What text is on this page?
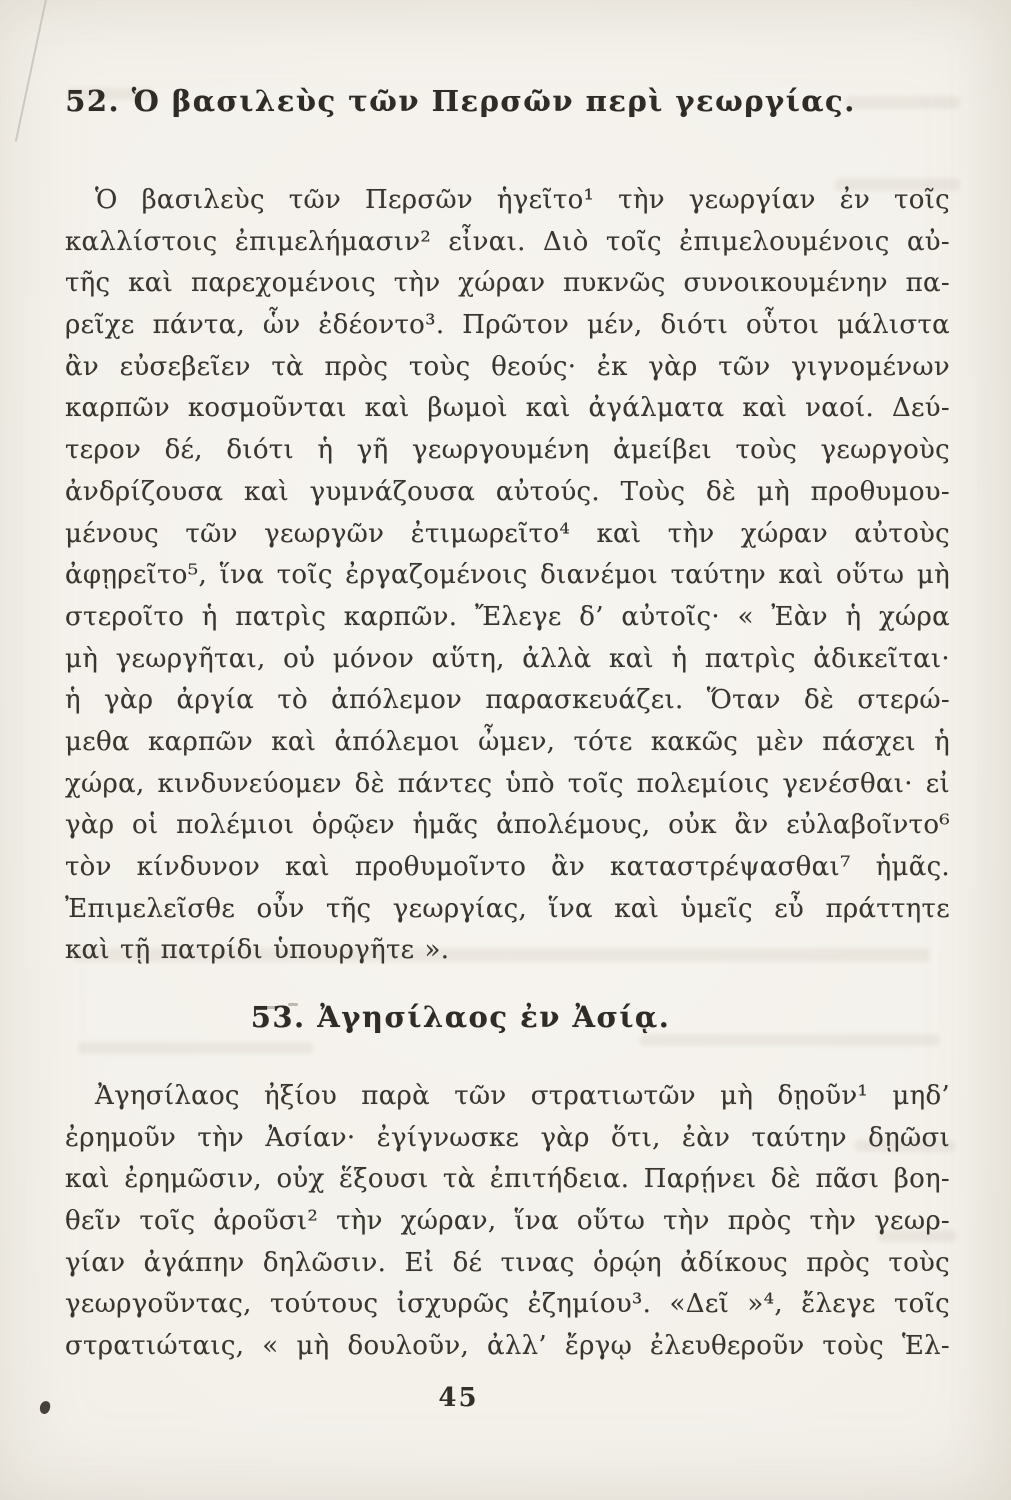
52. Ὁ βασιλεὺς τῶν Περσῶν περὶ γεωργίας.
Ὁ βασιλεὺς τῶν Περσῶν ἡγεῖτο¹ τὴν γεωργίαν ἐν τοῖς
καλλίστοις ἐπιμελήμασιν² εἶναι. Διὸ τοῖς ἐπιμελουμένοις αὐ-
τῆς καὶ παρεχομένοις τὴν χώραν πυκνῶς συνοικουμένην πα-
ρεῖχε πάντα, ὧν ἐδέοντο³. Πρῶτον μέν, διότι οὗτοι μάλιστα
ἂν εὐσεβεῖεν τὰ πρὸς τοὺς θεούς· ἐκ γὰρ τῶν γιγνομένων
καρπῶν κοσμοῦνται καὶ βωμοὶ καὶ ἀγάλματα καὶ ναοί. Δεύ-
τερον δέ, διότι ἡ γῆ γεωργουμένη ἀμείβει τοὺς γεωργοὺς
ἀνδρίζουσα καὶ γυμνάζουσα αὐτούς. Τοὺς δὲ μὴ προθυμου-
μένους τῶν γεωργῶν ἐτιμωρεῖτο⁴ καὶ τὴν χώραν αὐτοὺς
ἀφῃρεῖτο⁵, ἵνα τοῖς ἐργαζομένοις διανέμοι ταύτην καὶ οὕτω μὴ
στεροῖτο ἡ πατρὶς καρπῶν. Ἔλεγε δ’ αὐτοῖς· « Ἐὰν ἡ χώρα
μὴ γεωργῆται, οὐ μόνον αὕτη, ἀλλὰ καὶ ἡ πατρὶς ἀδικεῖται·
ἡ γὰρ ἀργία τὸ ἀπόλεμον παρασκευάζει. Ὅταν δὲ στερώ-
μεθα καρπῶν καὶ ἀπόλεμοι ὦμεν, τότε κακῶς μὲν πάσχει ἡ
χώρα, κινδυνεύομεν δὲ πάντες ὑπὸ τοῖς πολεμίοις γενέσθαι· εἰ
γὰρ οἱ πολέμιοι ὁρῷεν ἡμᾶς ἀπολέμους, οὐκ ἂν εὐλαβοῖντο⁶
τὸν κίνδυνον καὶ προθυμοῖντο ἂν καταστρέψασθαι⁷ ἡμᾶς.
Ἐπιμελεῖσθε οὖν τῆς γεωργίας, ἵνα καὶ ὑμεῖς εὖ πράττητε
καὶ τῇ πατρίδι ὑπουργῆτε ».
53. Ἀγησίλαος ἐν Ἀσίᾳ.
Ἀγησίλαος ἠξίου παρὰ τῶν στρατιωτῶν μὴ δῃοῦν¹ μηδ’
ἐρημοῦν τὴν Ἀσίαν· ἐγίγνωσκε γὰρ ὅτι, ἐὰν ταύτην δῃῶσι
καὶ ἐρημῶσιν, οὐχ ἕξουσι τὰ ἐπιτήδεια. Παρῄνει δὲ πᾶσι βοη-
θεῖν τοῖς ἀροῦσι² τὴν χώραν, ἵνα οὕτω τὴν πρὸς τὴν γεωρ-
γίαν ἀγάπην δηλῶσιν. Εἰ δέ τινας ὁρῴη ἀδίκους πρὸς τοὺς
γεωργοῦντας, τούτους ἰσχυρῶς ἐζημίου³. «Δεῖ »⁴, ἔλεγε τοῖς
στρατιώταις, « μὴ δουλοῦν, ἀλλ’ ἔργῳ ἐλευθεροῦν τοὺς Ἑλ-
45
